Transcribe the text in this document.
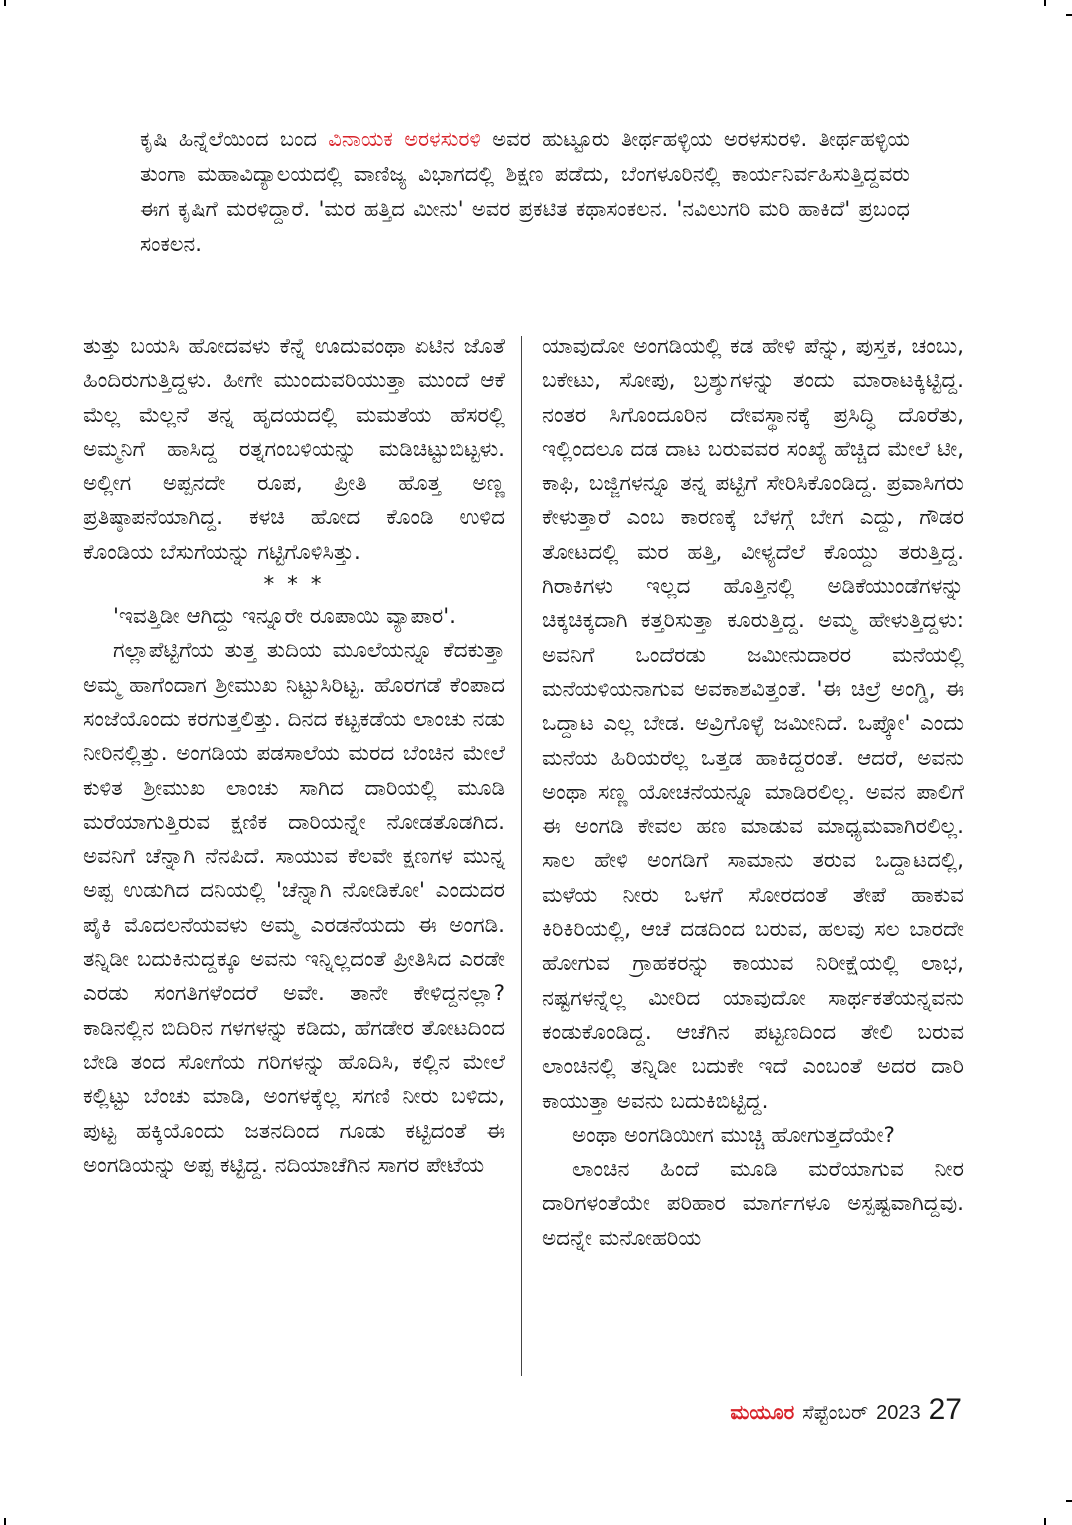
ಕೃಷಿ ಹಿನ್ನೆಲೆಯಿಂದ ಬಂದ ವಿನಾಯಕ ಅರಳಸುರಳಿ ಅವರ ಹುಟ್ಟೂರು ತೀರ್ಥಹಳ್ಳಿಯ ಅರಳಸುರಳಿ. ತೀರ್ಥಹಳ್ಳಿಯ ತುಂಗಾ ಮಹಾವಿದ್ಯಾಲಯದಲ್ಲಿ ವಾಣಿಜ್ಯ ವಿಭಾಗದಲ್ಲಿ ಶಿಕ್ಷಣ ಪಡೆದು, ಬೆಂಗಳೂರಿನಲ್ಲಿ ಕಾರ್ಯನಿರ್ವಹಿಸುತ್ತಿದ್ದವರು ಈಗ ಕೃಷಿಗೆ ಮರಳಿದ್ದಾರೆ. 'ಮರ ಹತ್ತಿದ ಮೀನು' ಅವರ ಪ್ರಕಟಿತ ಕಥಾಸಂಕಲನ. 'ನವಿಲುಗರಿ ಮರಿ ಹಾಕಿದೆ' ಪ್ರಬಂಧ ಸಂಕಲನ.

ತುತ್ತು ಬಯಸಿ ಹೋದವಳು ಕೆನ್ನೆ ಊದುವಂಥಾ ಏಟಿನ ಜೊತೆ ಹಿಂದಿರುಗುತ್ತಿದ್ದಳು. ಹೀಗೇ ಮುಂದುವರಿಯುತ್ತಾ ಮುಂದೆ ಆಕೆ ಮೆಲ್ಲ ಮೆಲ್ಲನೆ ತನ್ನ ಹೃದಯದಲ್ಲಿ ಮಮತೆಯ ಹೆಸರಲ್ಲಿ ಅಮ್ಮನಿಗೆ ಹಾಸಿದ್ದ ರತ್ನಗಂಬಳಿಯನ್ನು ಮಡಿಚಿಟ್ಟುಬಿಟ್ಟಳು. ಅಲ್ಲೀಗ ಅಪ್ಪನದೇ ರೂಪ, ಪ್ರೀತಿ ಹೊತ್ತ ಅಣ್ಣ ಪ್ರತಿಷ್ಠಾಪನೆಯಾಗಿದ್ದ. ಕಳಚಿ ಹೋದ ಕೊಂಡಿ ಉಳಿದ ಕೊಂಡಿಯ ಬೆಸುಗೆಯನ್ನು ಗಟ್ಟಿಗೊಳಿಸಿತ್ತು.

* * *

'ಇವತ್ತಿಡೀ ಆಗಿದ್ದು ಇನ್ನೂರೇ ರೂಪಾಯಿ ವ್ಯಾಪಾರ'.

ಗಲ್ಲಾಪೆಟ್ಟಿಗೆಯ ತುತ್ತ ತುದಿಯ ಮೂಲೆಯನ್ನೂ ಕೆದಕುತ್ತಾ ಅಮ್ಮ ಹಾಗೆಂದಾಗ ಶ್ರೀಮುಖ ನಿಟ್ಟುಸಿರಿಟ್ಟ. ಹೊರಗಡೆ ಕೆಂಪಾದ ಸಂಜೆಯೊಂದು ಕರಗುತ್ತಲಿತ್ತು. ದಿನದ ಕಟ್ಟಕಡೆಯ ಲಾಂಚು ನಡು ನೀರಿನಲ್ಲಿತ್ತು. ಅಂಗಡಿಯ ಪಡಸಾಲೆಯ ಮರದ ಬೆಂಚಿನ ಮೇಲೆ ಕುಳಿತ ಶ್ರೀಮುಖ ಲಾಂಚು ಸಾಗಿದ ದಾರಿಯಲ್ಲಿ ಮೂಡಿ ಮರೆಯಾಗುತ್ತಿರುವ ಕ್ಷಣಿಕ ದಾರಿಯನ್ನೇ ನೋಡತೊಡಗಿದ. ಅವನಿಗೆ ಚೆನ್ನಾಗಿ ನೆನಪಿದೆ. ಸಾಯುವ ಕೆಲವೇ ಕ್ಷಣಗಳ ಮುನ್ನ ಅಪ್ಪ ಉಡುಗಿದ ದನಿಯಲ್ಲಿ 'ಚೆನ್ನಾಗಿ ನೋಡಿಕೋ' ಎಂದುದರ ಪೈಕಿ ಮೊದಲನೆಯವಳು ಅಮ್ಮ ಎರಡನೆಯದು ಈ ಅಂಗಡಿ. ತನ್ನಿಡೀ ಬದುಕಿನುದ್ದಕ್ಕೂ ಅವನು ಇನ್ನಿಲ್ಲದಂತೆ ಪ್ರೀತಿಸಿದ ಎರಡೇ ಎರಡು ಸಂಗತಿಗಳೆಂದರೆ ಅವೇ. ತಾನೇ ಕೇಳಿದ್ದನಲ್ಲಾ? ಕಾಡಿನಲ್ಲಿನ ಬಿದಿರಿನ ಗಳಗಳನ್ನು ಕಡಿದು, ಹೆಗಡೇರ ತೋಟದಿಂದ ಬೇಡಿ ತಂದ ಸೋಗೆಯ ಗರಿಗಳನ್ನು ಹೊದಿಸಿ, ಕಲ್ಲಿನ ಮೇಲೆ ಕಲ್ಲಿಟ್ಟು ಬೆಂಚು ಮಾಡಿ, ಅಂಗಳಕ್ಕೆಲ್ಲ ಸಗಣಿ ನೀರು ಬಳಿದು, ಪುಟ್ಟ ಹಕ್ಕಿಯೊಂದು ಜತನದಿಂದ ಗೂಡು ಕಟ್ಟಿದಂತೆ ಈ ಅಂಗಡಿಯನ್ನು ಅಪ್ಪ ಕಟ್ಟಿದ್ದ. ನದಿಯಾಚೆಗಿನ ಸಾಗರ ಪೇಟೆಯ

ಯಾವುದೋ ಅಂಗಡಿಯಲ್ಲಿ ಕಡ ಹೇಳಿ ಪೆನ್ನು, ಪುಸ್ತಕ, ಚಂಬು, ಬಕೇಟು, ಸೋಪು, ಬ್ರಶ್ಶುಗಳನ್ನು ತಂದು ಮಾರಾಟಕ್ಕಿಟ್ಟಿದ್ದ. ನಂತರ ಸಿಗೊಂದೂರಿನ ದೇವಸ್ಥಾನಕ್ಕೆ ಪ್ರಸಿದ್ಧಿ ದೊರೆತು, ಇಲ್ಲಿಂದಲೂ ದಡ ದಾಟ ಬರುವವರ ಸಂಖ್ಯೆ ಹೆಚ್ಚಿದ ಮೇಲೆ ಟೀ, ಕಾಫಿ, ಬಜ್ಜಿಗಳನ್ನೂ ತನ್ನ ಪಟ್ಟಿಗೆ ಸೇರಿಸಿಕೊಂಡಿದ್ದ. ಪ್ರವಾಸಿಗರು ಕೇಳುತ್ತಾರೆ ಎಂಬ ಕಾರಣಕ್ಕೆ ಬೆಳಗ್ಗೆ ಬೇಗ ಎದ್ದು, ಗೌಡರ ತೋಟದಲ್ಲಿ ಮರ ಹತ್ತಿ, ವೀಳ್ಯದೆಲೆ ಕೊಯ್ದು ತರುತ್ತಿದ್ದ. ಗಿರಾಕಿಗಳು ಇಲ್ಲದ ಹೊತ್ತಿನಲ್ಲಿ ಅಡಿಕೆಯುಂಡೆಗಳನ್ನು ಚಿಕ್ಕಚಿಕ್ಕದಾಗಿ ಕತ್ತರಿಸುತ್ತಾ ಕೂರುತ್ತಿದ್ದ. ಅಮ್ಮ ಹೇಳುತ್ತಿದ್ದಳು: ಅವನಿಗೆ ಒಂದೆರಡು ಜಮೀನುದಾರರ ಮನೆಯಲ್ಲಿ ಮನೆಯಳಿಯನಾಗುವ ಅವಕಾಶವಿತ್ತಂತೆ. 'ಈ ಚಿಲ್ರೆ ಅಂಗ್ಡಿ, ಈ ಒದ್ದಾಟ ಎಲ್ಲ ಬೇಡ. ಅವ್ರಿಗೊಳ್ಳೆ ಜಮೀನಿದೆ. ಒಪ್ಕೋ' ಎಂದು ಮನೆಯ ಹಿರಿಯರೆಲ್ಲ ಒತ್ತಡ ಹಾಕಿದ್ದರಂತೆ. ಆದರೆ, ಅವನು ಅಂಥಾ ಸಣ್ಣ ಯೋಚನೆಯನ್ನೂ ಮಾಡಿರಲಿಲ್ಲ. ಅವನ ಪಾಲಿಗೆ ಈ ಅಂಗಡಿ ಕೇವಲ ಹಣ ಮಾಡುವ ಮಾಧ್ಯಮವಾಗಿರಲಿಲ್ಲ. ಸಾಲ ಹೇಳಿ ಅಂಗಡಿಗೆ ಸಾಮಾನು ತರುವ ಒದ್ದಾಟದಲ್ಲಿ, ಮಳೆಯ ನೀರು ಒಳಗೆ ಸೋರದಂತೆ ತೇಪೆ ಹಾಕುವ ಕಿರಿಕಿರಿಯಲ್ಲಿ, ಆಚೆ ದಡದಿಂದ ಬರುವ, ಹಲವು ಸಲ ಬಾರದೇ ಹೋಗುವ ಗ್ರಾಹಕರನ್ನು ಕಾಯುವ ನಿರೀಕ್ಷೆಯಲ್ಲಿ ಲಾಭ, ನಷ್ಟಗಳನ್ನೆಲ್ಲ ಮೀರಿದ ಯಾವುದೋ ಸಾರ್ಥಕತೆಯನ್ನವನು ಕಂಡುಕೊಂಡಿದ್ದ. ಆಚೆಗಿನ ಪಟ್ಟಣದಿಂದ ತೇಲಿ ಬರುವ ಲಾಂಚಿನಲ್ಲಿ ತನ್ನಿಡೀ ಬದುಕೇ ಇದೆ ಎಂಬಂತೆ ಅದರ ದಾರಿ ಕಾಯುತ್ತಾ ಅವನು ಬದುಕಿಬಿಟ್ಟಿದ್ದ.

ಅಂಥಾ ಅಂಗಡಿಯೀಗ ಮುಚ್ಚಿ ಹೋಗುತ್ತದೆಯೇ?

ಲಾಂಚಿನ ಹಿಂದೆ ಮೂಡಿ ಮರೆಯಾಗುವ ನೀರ ದಾರಿಗಳಂತೆಯೇ ಪರಿಹಾರ ಮಾರ್ಗಗಳೂ ಅಸ್ಪಷ್ಟವಾಗಿದ್ದವು. ಅದನ್ನೇ ಮನೋಹರಿಯ

ಮಯೂರ ಸೆಪ್ಟೆಂಬರ್ 2023 27
